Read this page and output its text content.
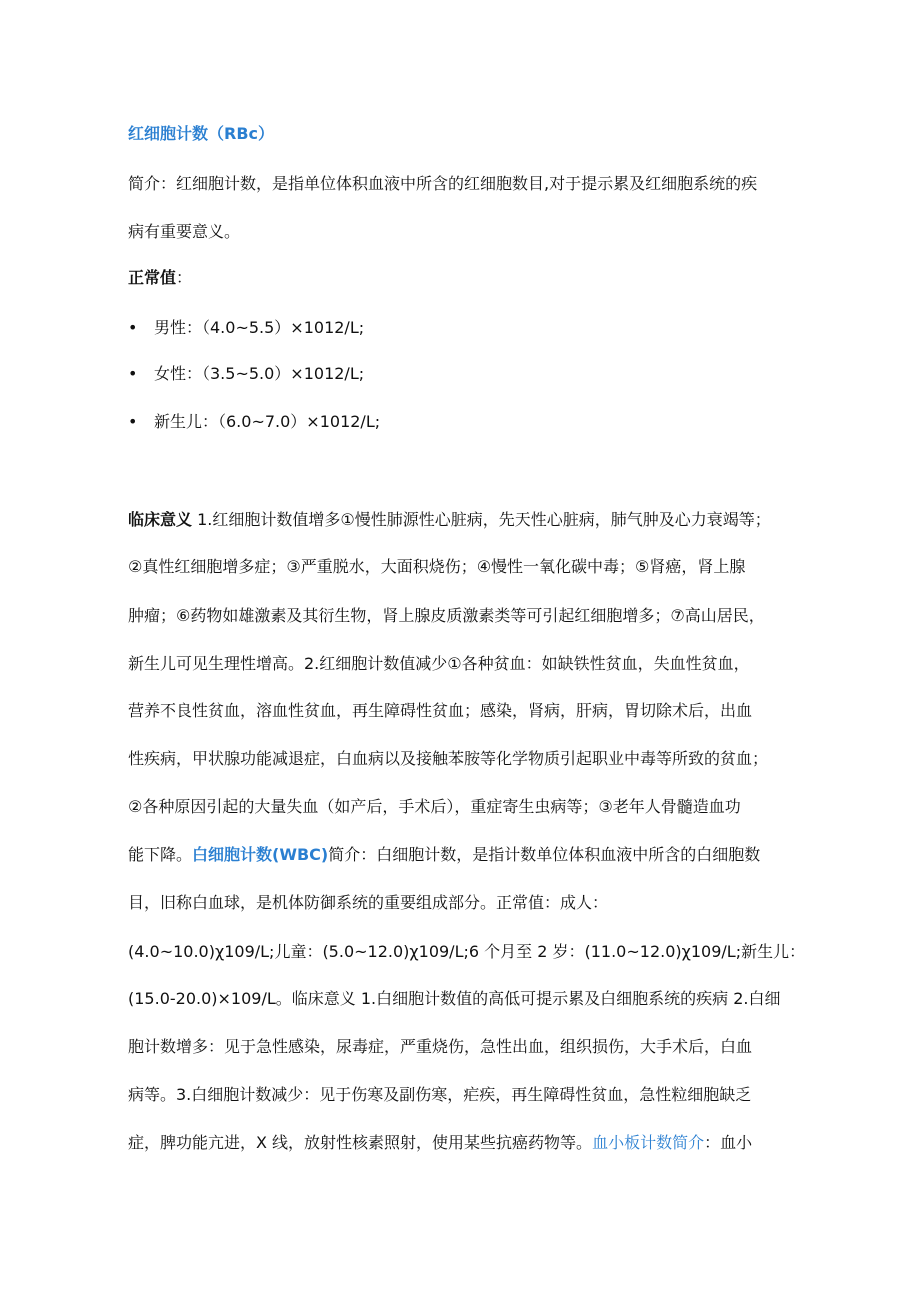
红细胞计数（RBc）
简介：红细胞计数，是指单位体积血液中所含的红细胞数目,对于提示累及红细胞系统的疾
病有重要意义。
正常值：
• 男性：（4.0~5.5）×1012∕L;
• 女性：（3.5~5.0）×1012∕L;
• 新生儿：（6.0~7.0）×1012∕L;
临床意义 1.红细胞计数值增多①慢性肺源性心脏病，先天性心脏病，肺气肿及心力衰竭等；
②真性红细胞增多症；③严重脱水，大面积烧伤；④慢性一氧化碳中毒；⑤肾癌，肾上腺
肿瘤；⑥药物如雄激素及其衍生物，肾上腺皮质激素类等可引起红细胞增多；⑦高山居民，
新生儿可见生理性增高。2.红细胞计数值减少①各种贫血：如缺铁性贫血，失血性贫血，
营养不良性贫血，溶血性贫血，再生障碍性贫血；感染，肾病，肝病，胃切除术后，出血
性疾病，甲状腺功能减退症，白血病以及接触苯胺等化学物质引起职业中毒等所致的贫血；
②各种原因引起的大量失血（如产后，手术后），重症寄生虫病等；③老年人骨髓造血功
能下降。白细胞计数(WBC)简介：白细胞计数，是指计数单位体积血液中所含的白细胞数
目，旧称白血球，是机体防御系统的重要组成部分。正常值：成人：
(4.0~10.0)χ109∕L;儿童：(5.0~12.0)χ109∕L;6 个月至 2 岁：(11.0~12.0)χ109∕L;新生儿：
(15.0-20.0)×109∕L。临床意义 1.白细胞计数值的高低可提示累及白细胞系统的疾病 2.白细
胞计数增多：见于急性感染，尿毒症，严重烧伤，急性出血，组织损伤，大手术后，白血
病等。3.白细胞计数减少：见于伤寒及副伤寒，疟疾，再生障碍性贫血，急性粒细胞缺乏
症，脾功能亢进，X 线，放射性核素照射，使用某些抗癌药物等。血小板计数简介：血小
